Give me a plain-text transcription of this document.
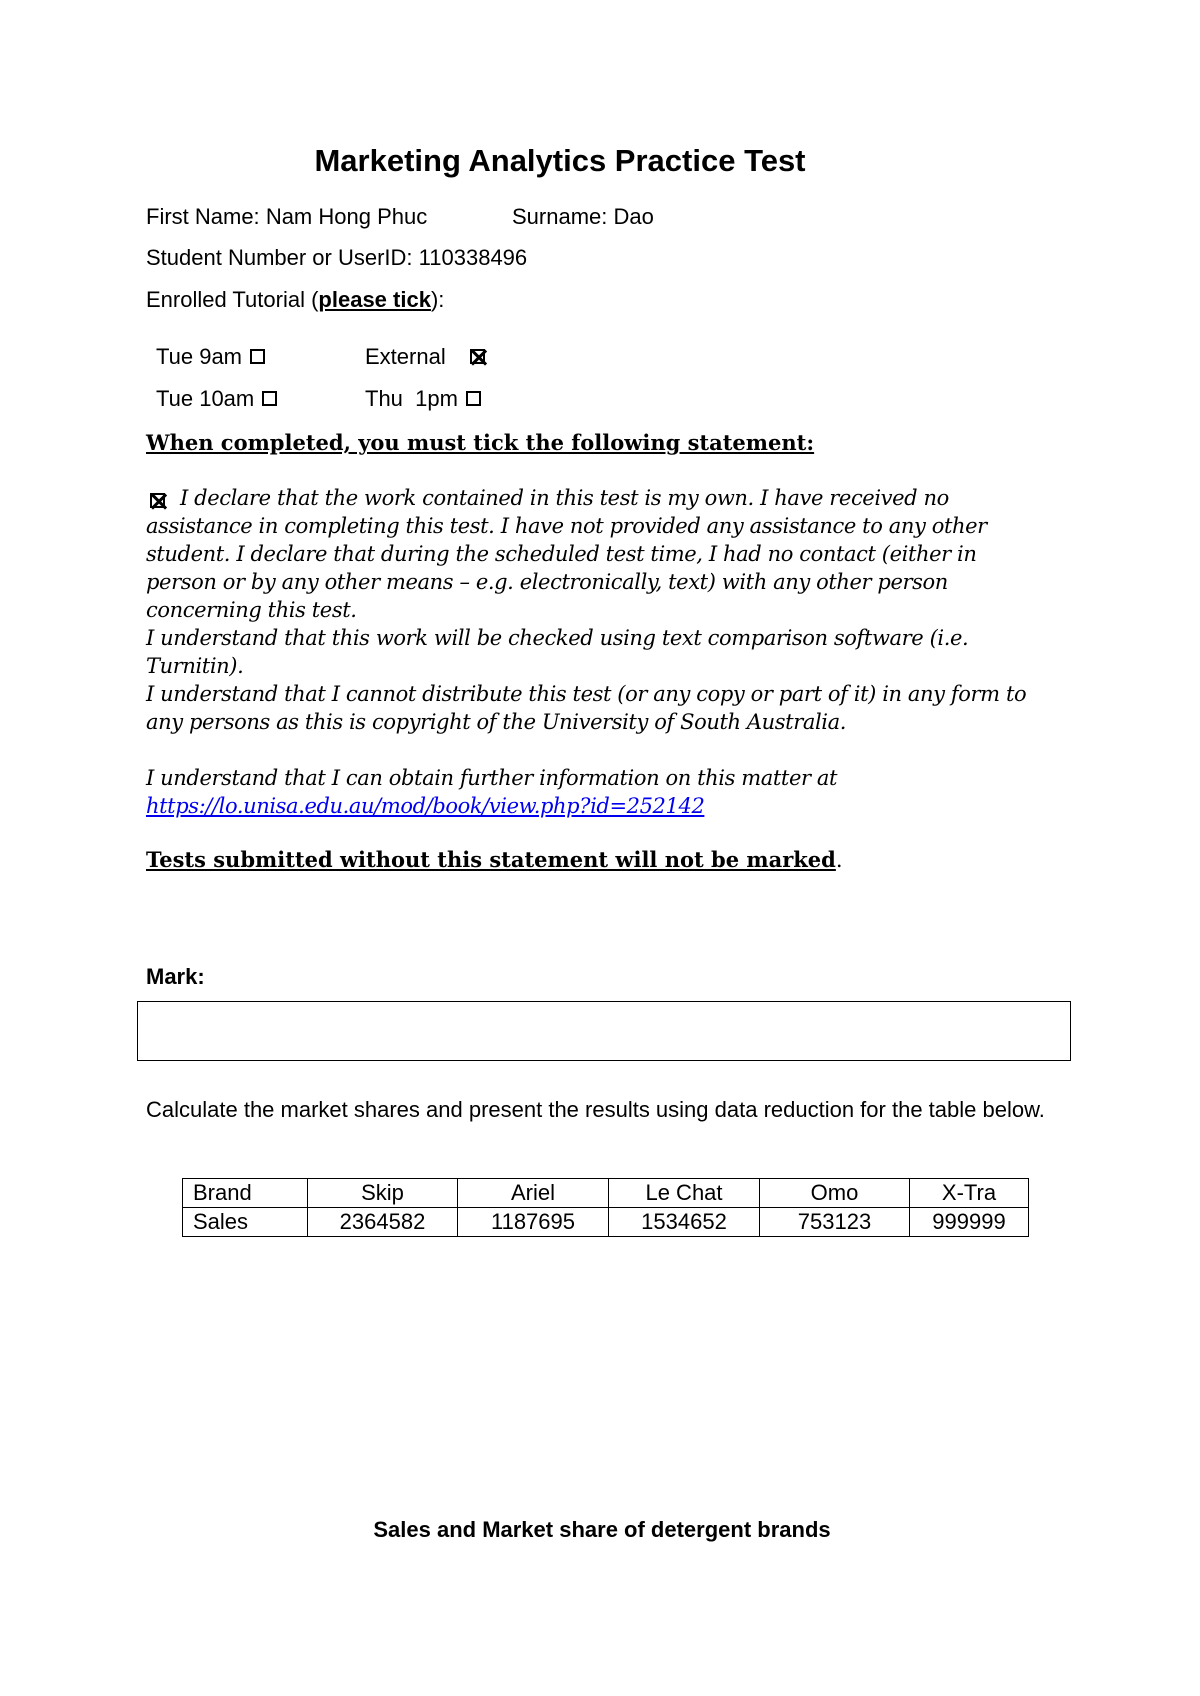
Marketing Analytics Practice Test
First Name: Nam Hong Phuc	Surname: Dao
Student Number or UserID: 110338496
Enrolled Tutorial (please tick):
Tue 9am	External
Tue 10am	Thu  1pm
When completed, you must tick the following statement:
I declare that the work contained in this test is my own. I have received no assistance in completing this test. I have not provided any assistance to any other student. I declare that during the scheduled test time, I had no contact (either in person or by any other means – e.g. electronically, text) with any other person concerning this test.
I understand that this work will be checked using text comparison software (i.e. Turnitin).
I understand that I cannot distribute this test (or any copy or part of it) in any form to any persons as this is copyright of the University of South Australia.
I understand that I can obtain further information on this matter at
https://lo.unisa.edu.au/mod/book/view.php?id=252142
Tests submitted without this statement will not be marked.
Mark:
Calculate the market shares and present the results using data reduction for the table below.
Brand	Skip	Ariel	Le Chat	Omo	X-Tra
Sales	2364582	1187695	1534652	753123	999999
Sales and Market share of detergent brands
